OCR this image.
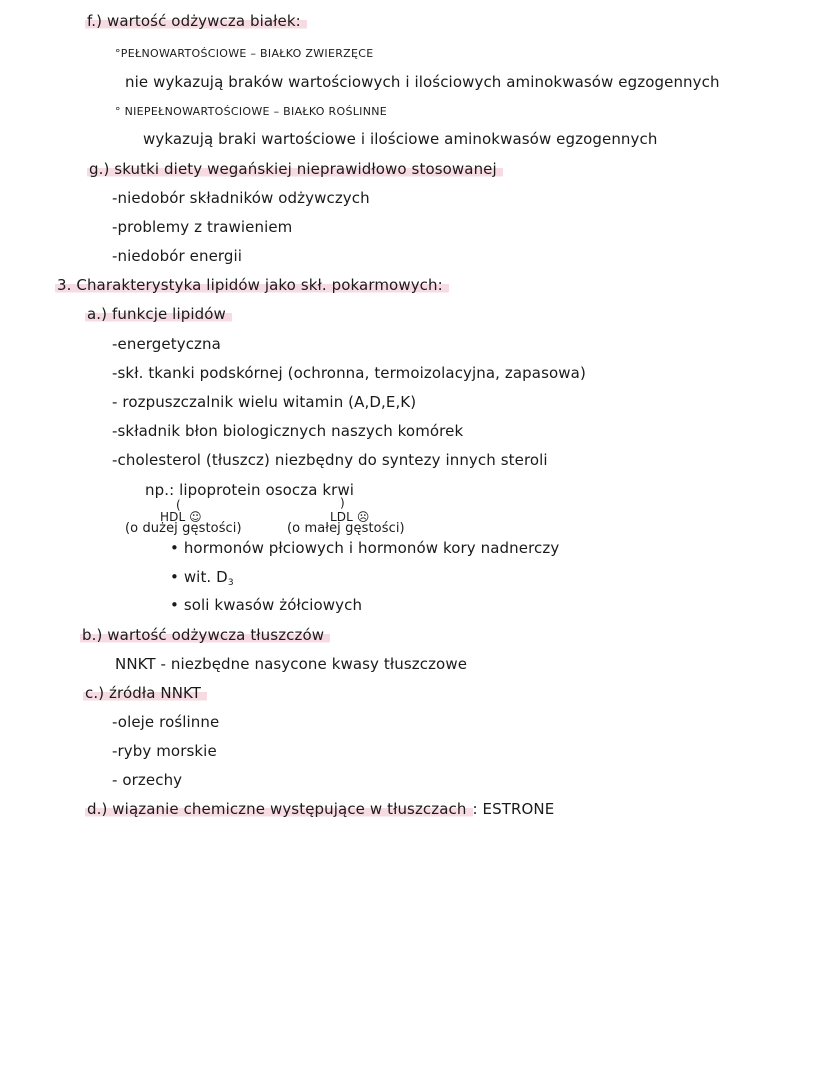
f.) wartość odżywcza białek:
°PEŁNOWARTOŚCIOWE – BIAŁKO ZWIERZĘCE
nie wykazują braków wartościowych i ilościowych aminokwasów egzogennych
° NIEPEŁNOWARTOŚCIOWE – BIAŁKO ROŚLINNE
wykazują braki wartościowe i ilościowe aminokwasów egzogennych
g.) skutki diety wegańskiej nieprawidłowo stosowanej
-niedobór składników odżywczych
-problemy z trawieniem
-niedobór energii
3. Charakterystyka lipidów jako skł. pokarmowych:
a.) funkcje lipidów
-energetyczna
-skł. tkanki podskórnej (ochronna, termoizolacyjna, zapasowa)
- rozpuszczalnik wielu witamin (A,D,E,K)
-składnik błon biologicznych naszych komórek
-cholesterol (tłuszcz) niezbędny do syntezy innych steroli
np.: lipoprotein osocza krwi
(	)
HDL ☺
(o dużej gęstości)
LDL ☹
(o małej gęstości)
• hormonów płciowych i hormonów kory nadnerczy
• wit. $D_3$
• soli kwasów żółciowych
b.) wartość odżywcza tłuszczów
NNKT - niezbędne nasycone kwasy tłuszczowe
c.) źródła NNKT
-oleje roślinne
-ryby morskie
- orzechy
d.) wiązanie chemiczne występujące w tłuszczach : ESTRONE
